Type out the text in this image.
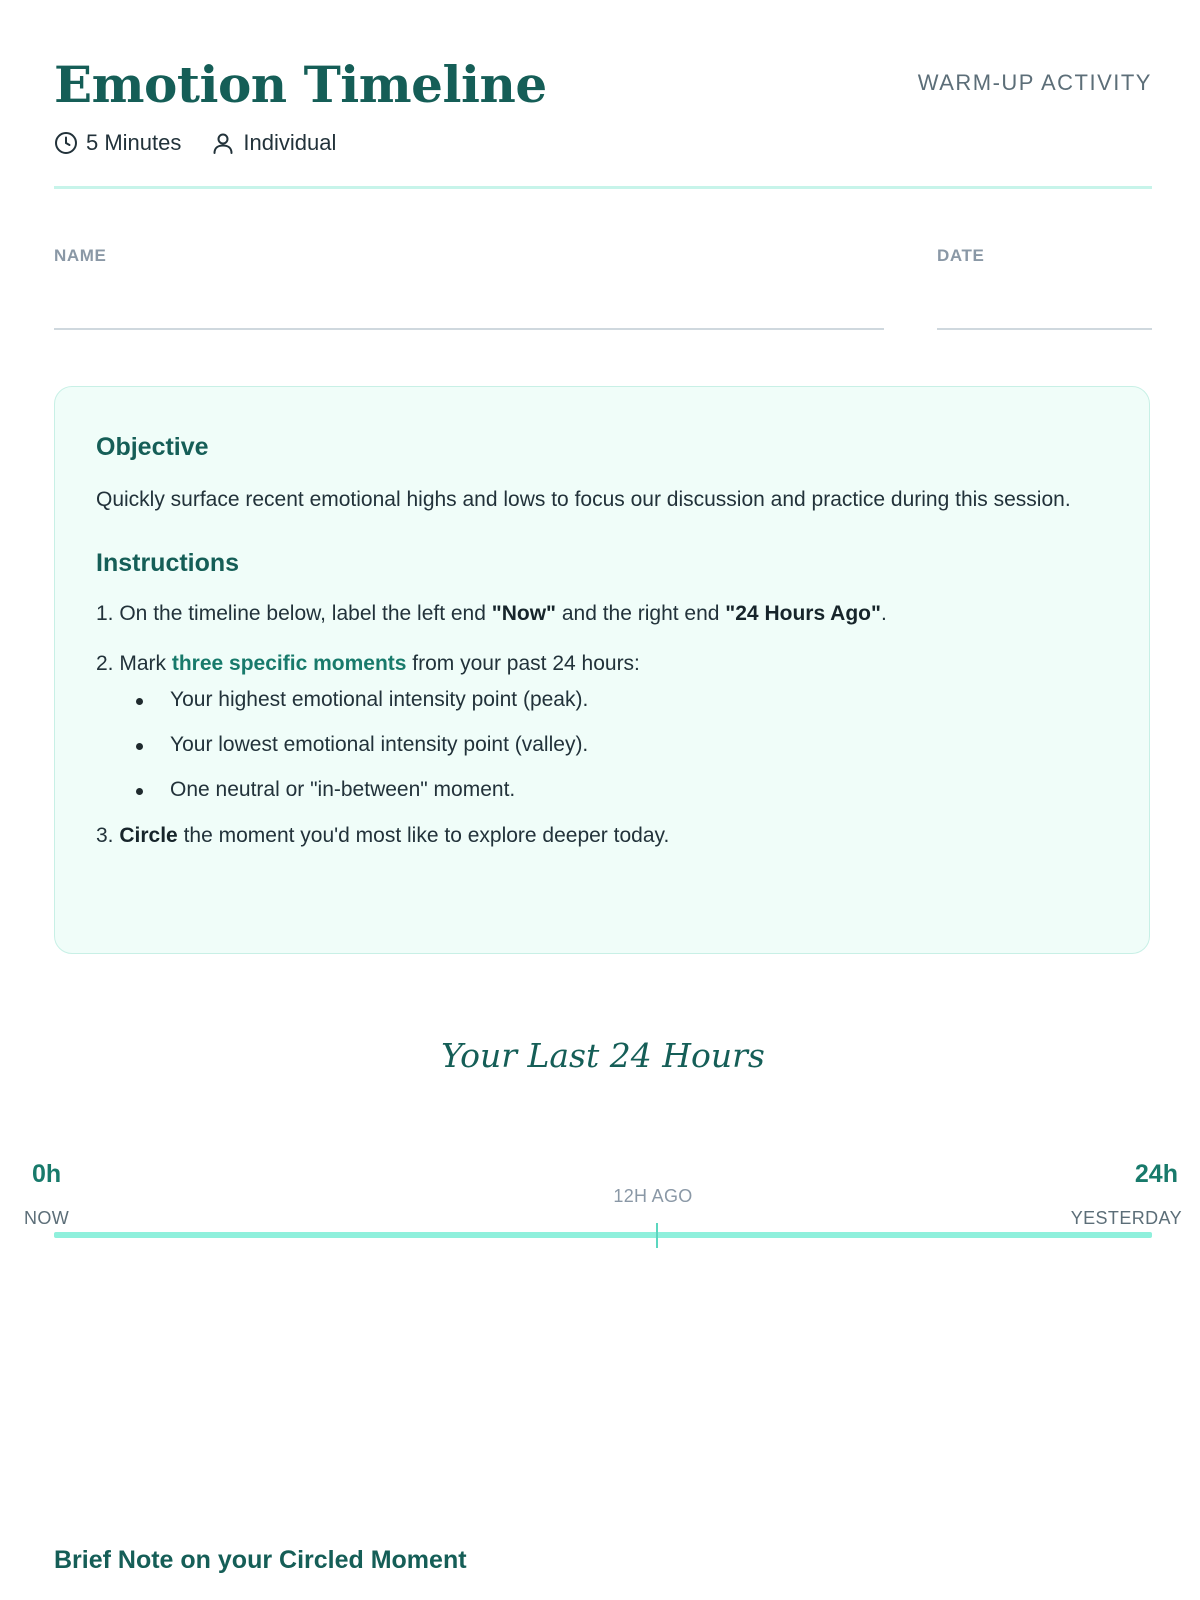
Emotion Timeline	WARM-UP ACTIVITY
5 Minutes	Individual
NAME	DATE
Objective

Quickly surface recent emotional highs and lows to focus our discussion and practice during this session.

Instructions

1. On the timeline below, label the left end "Now" and the right end "24 Hours Ago".

2. Mark three specific moments from your past 24 hours:

Your highest emotional intensity point (peak).
Your lowest emotional intensity point (valley).
One neutral or "in-between" moment.

3. Circle the moment you'd most like to explore deeper today.

Your Last 24 Hours
0h
NOW
12H AGO
24h
YESTERDAY
Brief Note on your Circled Moment
